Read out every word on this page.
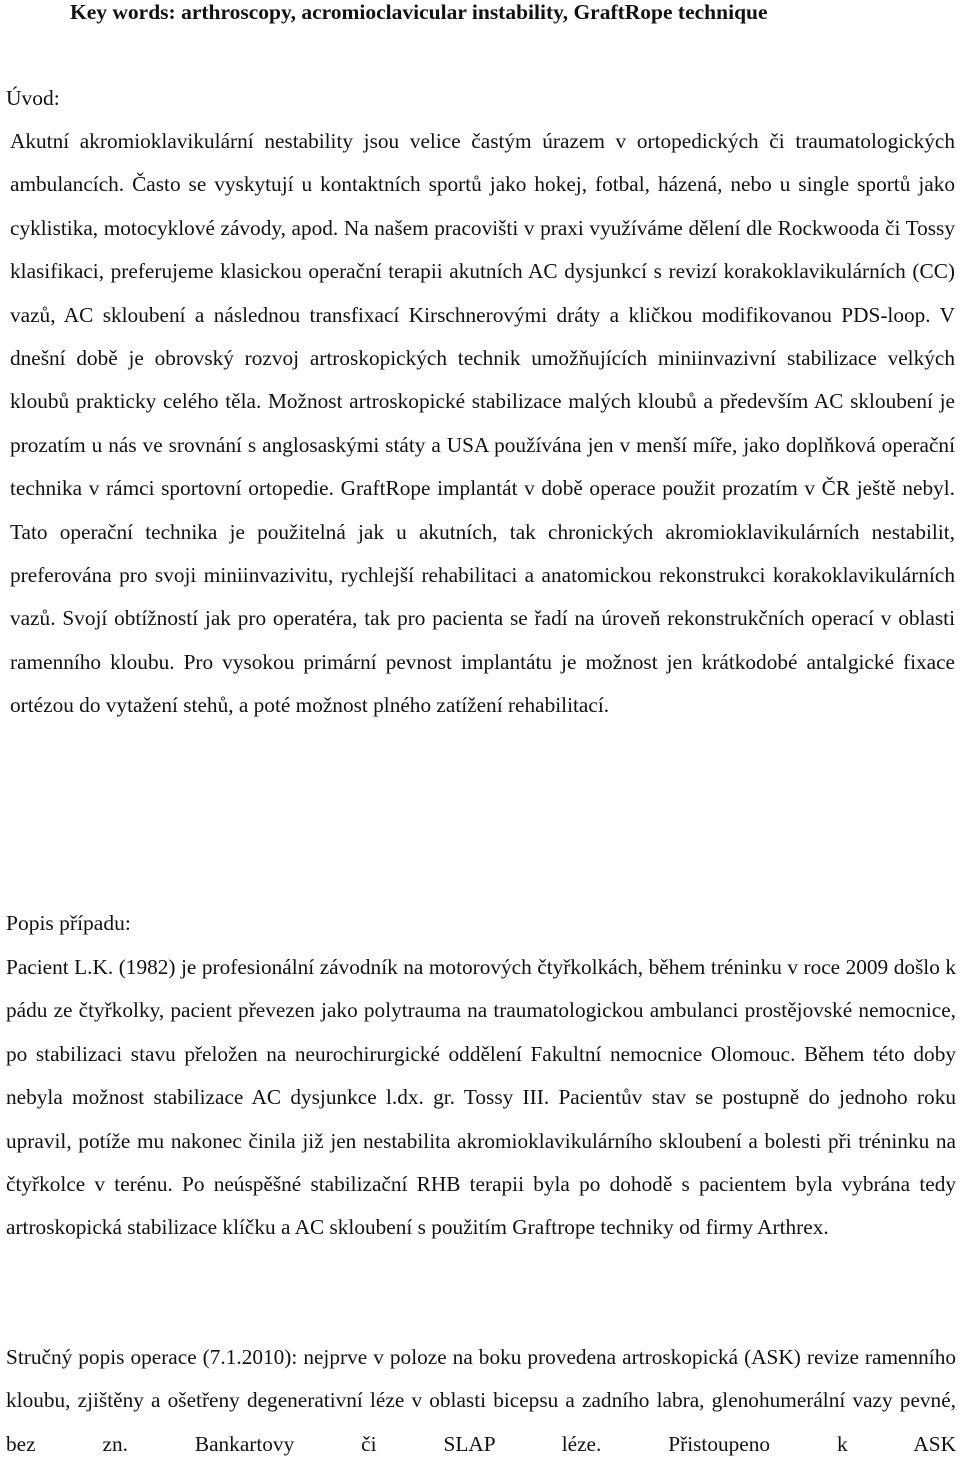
Key words: arthroscopy, acromioclavicular instability, GraftRope technique
Úvod:

Akutní akromioklavikulární nestability jsou velice častým úrazem v ortopedických či traumatologických ambulancích. Často se vyskytují u kontaktních sportů jako hokej, fotbal, házená, nebo u single sportů jako cyklistika, motocyklové závody, apod. Na našem pracovišti v praxi využíváme dělení dle Rockwooda či Tossy klasifikaci, preferujeme klasickou operační terapii akutních AC dysjunkcí s revizí korakoklavikulárních (CC) vazů, AC skloubení a následnou transfixací Kirschnerovými dráty a kličkou modifikovanou PDS-loop. V dnešní době je obrovský rozvoj artroskopických technik umožňujících miniinvazivní stabilizace velkých kloubů prakticky celého těla. Možnost artroskopické stabilizace malých kloubů a především AC skloubení je prozatím u nás ve srovnání s anglosaskými státy a USA používána jen v menší míře, jako doplňková operační technika v rámci sportovní ortopedie. GraftRope implantát v době operace použit prozatím v ČR ještě nebyl. Tato operační technika je použitelná jak u akutních, tak chronických akromioklavikulárních nestabilit, preferována pro svoji miniinvazivitu, rychlejší rehabilitaci a anatomickou rekonstrukci korakoklavikulárních vazů. Svojí obtížností jak pro operatéra, tak pro pacienta se řadí na úroveň rekonstrukčních operací v oblasti ramenního kloubu. Pro vysokou primární pevnost implantátu je možnost jen krátkodobé antalgické fixace ortézou do vytažení stehů, a poté možnost plného zatížení rehabilitací.

Popis případu:

Pacient L.K. (1982) je profesionální závodník na motorových čtyřkolkách, během tréninku v roce 2009 došlo k pádu ze čtyřkolky, pacient převezen jako polytrauma na traumatologickou ambulanci prostějovské nemocnice, po stabilizaci stavu přeložen na neurochirurgické oddělení Fakultní nemocnice Olomouc. Během této doby nebyla možnost stabilizace AC dysjunkce l.dx. gr. Tossy III. Pacientův stav se postupně do jednoho roku upravil, potíže mu nakonec činila již jen nestabilita akromioklavikulárního skloubení a bolesti při tréninku na čtyřkolce v terénu. Po neúspěšné stabilizační RHB terapii byla po dohodě s pacientem byla vybrána tedy artroskopická stabilizace klíčku a AC skloubení s použitím Graftrope techniky od firmy Arthrex.

Stručný popis operace (7.1.2010): nejprve v poloze na boku provedena artroskopická (ASK) revize ramenního kloubu, zjištěny a ošetřeny degenerativní léze v oblasti bicepsu a zadního labra, glenohumerální vazy pevné, bez zn. Bankartovy či SLAP léze. Přistoupeno k ASK
